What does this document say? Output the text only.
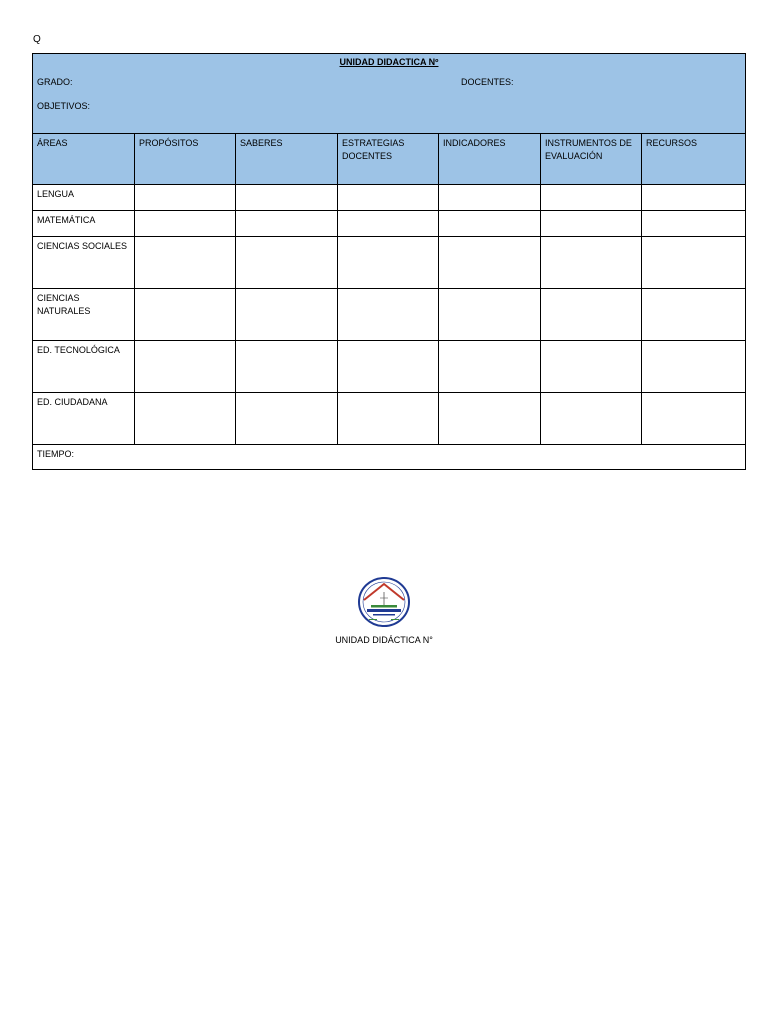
Q
UNIDAD DIDACTICA Nº
GRADO: DOCENTES:
OBJETIVOS:						

ÁREAS	PROPÓSITOS	SABERES	ESTRATEGIAS DOCENTES	INDICADORES	INSTRUMENTOS DE EVALUACIÓN	RECURSOS
LENGUA						
MATEMÁTICA						
CIENCIAS SOCIALES						
CIENCIAS NATURALES						
ED. TECNOLÓGICA						
ED. CIUDADANA						
TIEMPO:						
UNIDAD DIDÁCTICA N°
